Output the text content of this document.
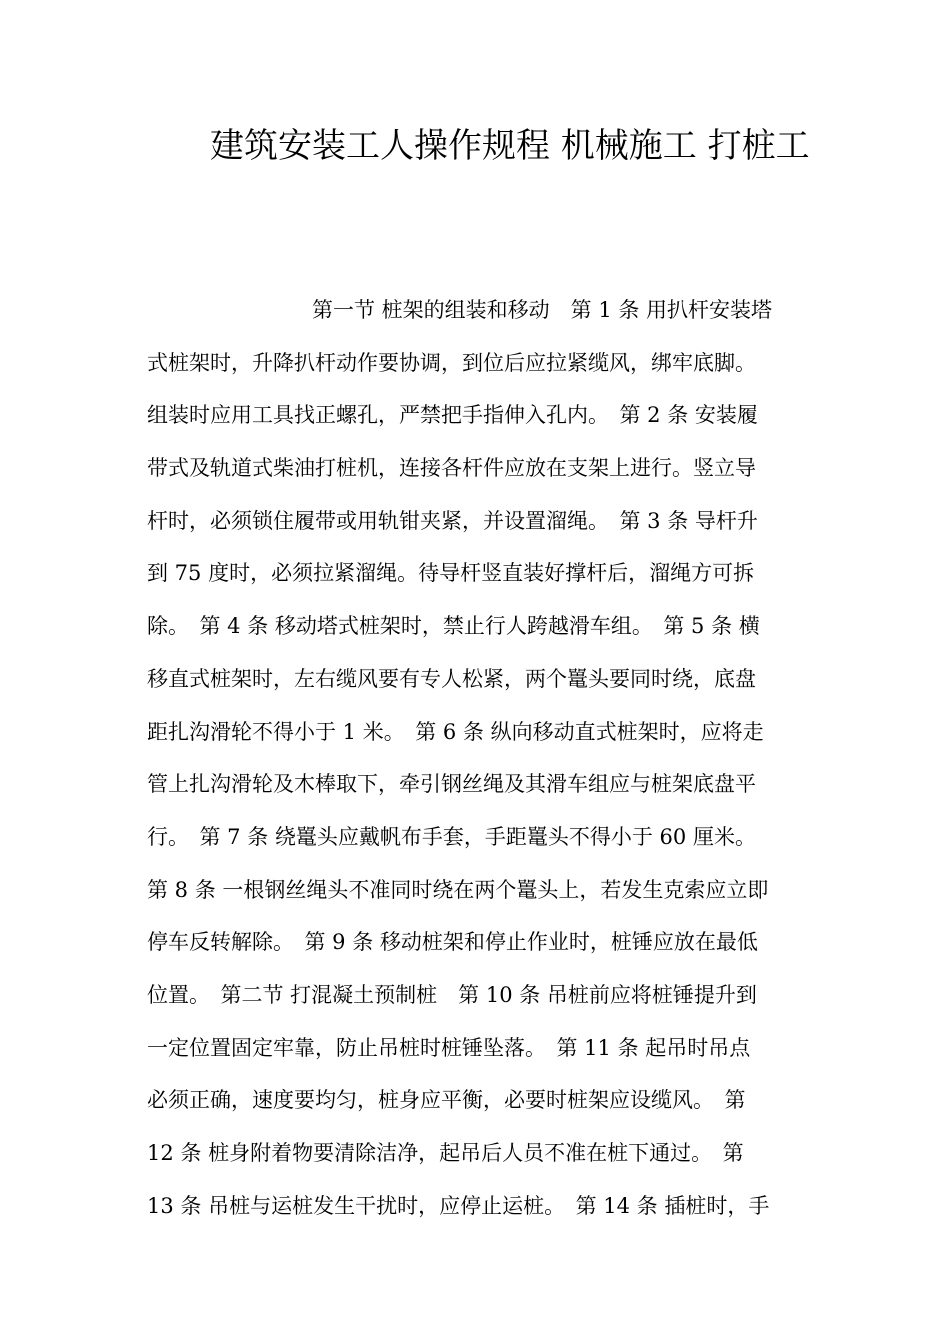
建筑安装工人操作规程 机械施工 打桩工
第一节 桩架的组装和移动　第 1 条 用扒杆安装塔
式桩架时，升降扒杆动作要协调，到位后应拉紧缆风，绑牢底脚。
组装时应用工具找正螺孔，严禁把手指伸入孔内。　第 2 条 安装履
带式及轨道式柴油打桩机，连接各杆件应放在支架上进行。竖立导
杆时，必须锁住履带或用轨钳夹紧，并设置溜绳。　第 3 条 导杆升
到 75 度时，必须拉紧溜绳。待导杆竖直装好撑杆后，溜绳方可拆
除。　第 4 条 移动塔式桩架时，禁止行人跨越滑车组。　第 5 条 横
移直式桩架时，左右缆风要有专人松紧，两个鼍头要同时绕，底盘
距扎沟滑轮不得小于 1 米。　第 6 条 纵向移动直式桩架时，应将走
管上扎沟滑轮及木棒取下，牵引钢丝绳及其滑车组应与桩架底盘平
行。　第 7 条 绕鼍头应戴帆布手套，手距鼍头不得小于 60 厘米。
第 8 条 一根钢丝绳头不准同时绕在两个鼍头上，若发生克索应立即
停车反转解除。　第 9 条 移动桩架和停止作业时，桩锤应放在最低
位置。　第二节 打混凝土预制桩　第 10 条 吊桩前应将桩锤提升到
一定位置固定牢靠，防止吊桩时桩锤坠落。　第 11 条 起吊时吊点
必须正确，速度要均匀，桩身应平衡，必要时桩架应设缆风。　第
12 条 桩身附着物要清除洁净，起吊后人员不准在桩下通过。　第
13 条 吊桩与运桩发生干扰时，应停止运桩。　第 14 条 插桩时，手
